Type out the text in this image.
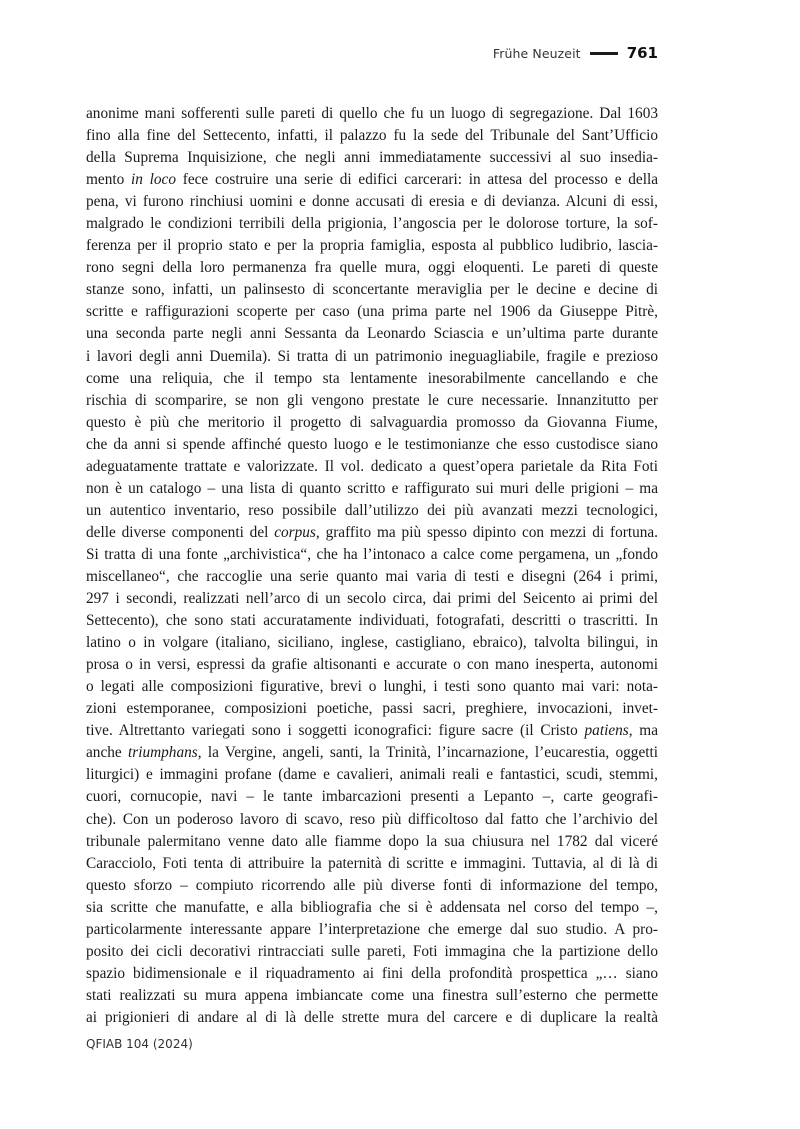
Frühe Neuzeit	761
anonime mani sofferenti sulle pareti di quello che fu un luogo di segregazione. Dal 1603
fino alla fine del Settecento, infatti, il palazzo fu la sede del Tribunale del Sant’Ufficio
della Suprema Inquisizione, che negli anni immediatamente successivi al suo insedia-
mento in loco fece costruire una serie di edifici carcerari: in attesa del processo e della
pena, vi furono rinchiusi uomini e donne accusati di eresia e di devianza. Alcuni di essi,
malgrado le condizioni terribili della prigionia, l’angoscia per le dolorose torture, la sof-
ferenza per il proprio stato e per la propria famiglia, esposta al pubblico ludibrio, lascia-
rono segni della loro permanenza fra quelle mura, oggi eloquenti. Le pareti di queste
stanze sono, infatti, un palinsesto di sconcertante meraviglia per le decine e decine di
scritte e raffigurazioni scoperte per caso (una prima parte nel 1906 da Giuseppe Pitrè,
una seconda parte negli anni Sessanta da Leonardo Sciascia e un’ultima parte durante
i lavori degli anni Duemila). Si tratta di un patrimonio ineguagliabile, fragile e prezioso
come una reliquia, che il tempo sta lentamente inesorabilmente cancellando e che
rischia di scomparire, se non gli vengono prestate le cure necessarie. Innanzitutto per
questo è più che meritorio il progetto di salvaguardia promosso da Giovanna Fiume,
che da anni si spende affinché questo luogo e le testimonianze che esso custodisce siano
adeguatamente trattate e valorizzate. Il vol. dedicato a quest’opera parietale da Rita Foti
non è un catalogo – una lista di quanto scritto e raffigurato sui muri delle prigioni – ma
un autentico inventario, reso possibile dall’utilizzo dei più avanzati mezzi tecnologici,
delle diverse componenti del corpus, graffito ma più spesso dipinto con mezzi di fortuna.
Si tratta di una fonte „archivistica“, che ha l’intonaco a calce come pergamena, un „fondo
miscellaneo“, che raccoglie una serie quanto mai varia di testi e disegni (264 i primi,
297 i secondi, realizzati nell’arco di un secolo circa, dai primi del Seicento ai primi del
Settecento), che sono stati accuratamente individuati, fotografati, descritti o trascritti. In
latino o in volgare (italiano, siciliano, inglese, castigliano, ebraico), talvolta bilingui, in
prosa o in versi, espressi da grafie altisonanti e accurate o con mano inesperta, autonomi
o legati alle composizioni figurative, brevi o lunghi, i testi sono quanto mai vari: nota-
zioni estemporanee, composizioni poetiche, passi sacri, preghiere, invocazioni, invet-
tive. Altrettanto variegati sono i soggetti iconografici: figure sacre (il Cristo patiens, ma
anche triumphans, la Vergine, angeli, santi, la Trinità, l’incarnazione, l’eucarestia, oggetti
liturgici) e immagini profane (dame e cavalieri, animali reali e fantastici, scudi, stemmi,
cuori, cornucopie, navi – le tante imbarcazioni presenti a Lepanto –, carte geografi-
che). Con un poderoso lavoro di scavo, reso più difficoltoso dal fatto che l’archivio del
tribunale palermitano venne dato alle fiamme dopo la sua chiusura nel 1782 dal viceré
Caracciolo, Foti tenta di attribuire la paternità di scritte e immagini. Tuttavia, al di là di
questo sforzo – compiuto ricorrendo alle più diverse fonti di informazione del tempo,
sia scritte che manufatte, e alla bibliografia che si è addensata nel corso del tempo –,
particolarmente interessante appare l’interpretazione che emerge dal suo studio. A pro-
posito dei cicli decorativi rintracciati sulle pareti, Foti immagina che la partizione dello
spazio bidimensionale e il riquadramento ai fini della profondità prospettica „… siano
stati realizzati su mura appena imbiancate come una finestra sull’esterno che permette
ai prigionieri di andare al di là delle strette mura del carcere e di duplicare la realtà
QFIAB 104 (2024)
